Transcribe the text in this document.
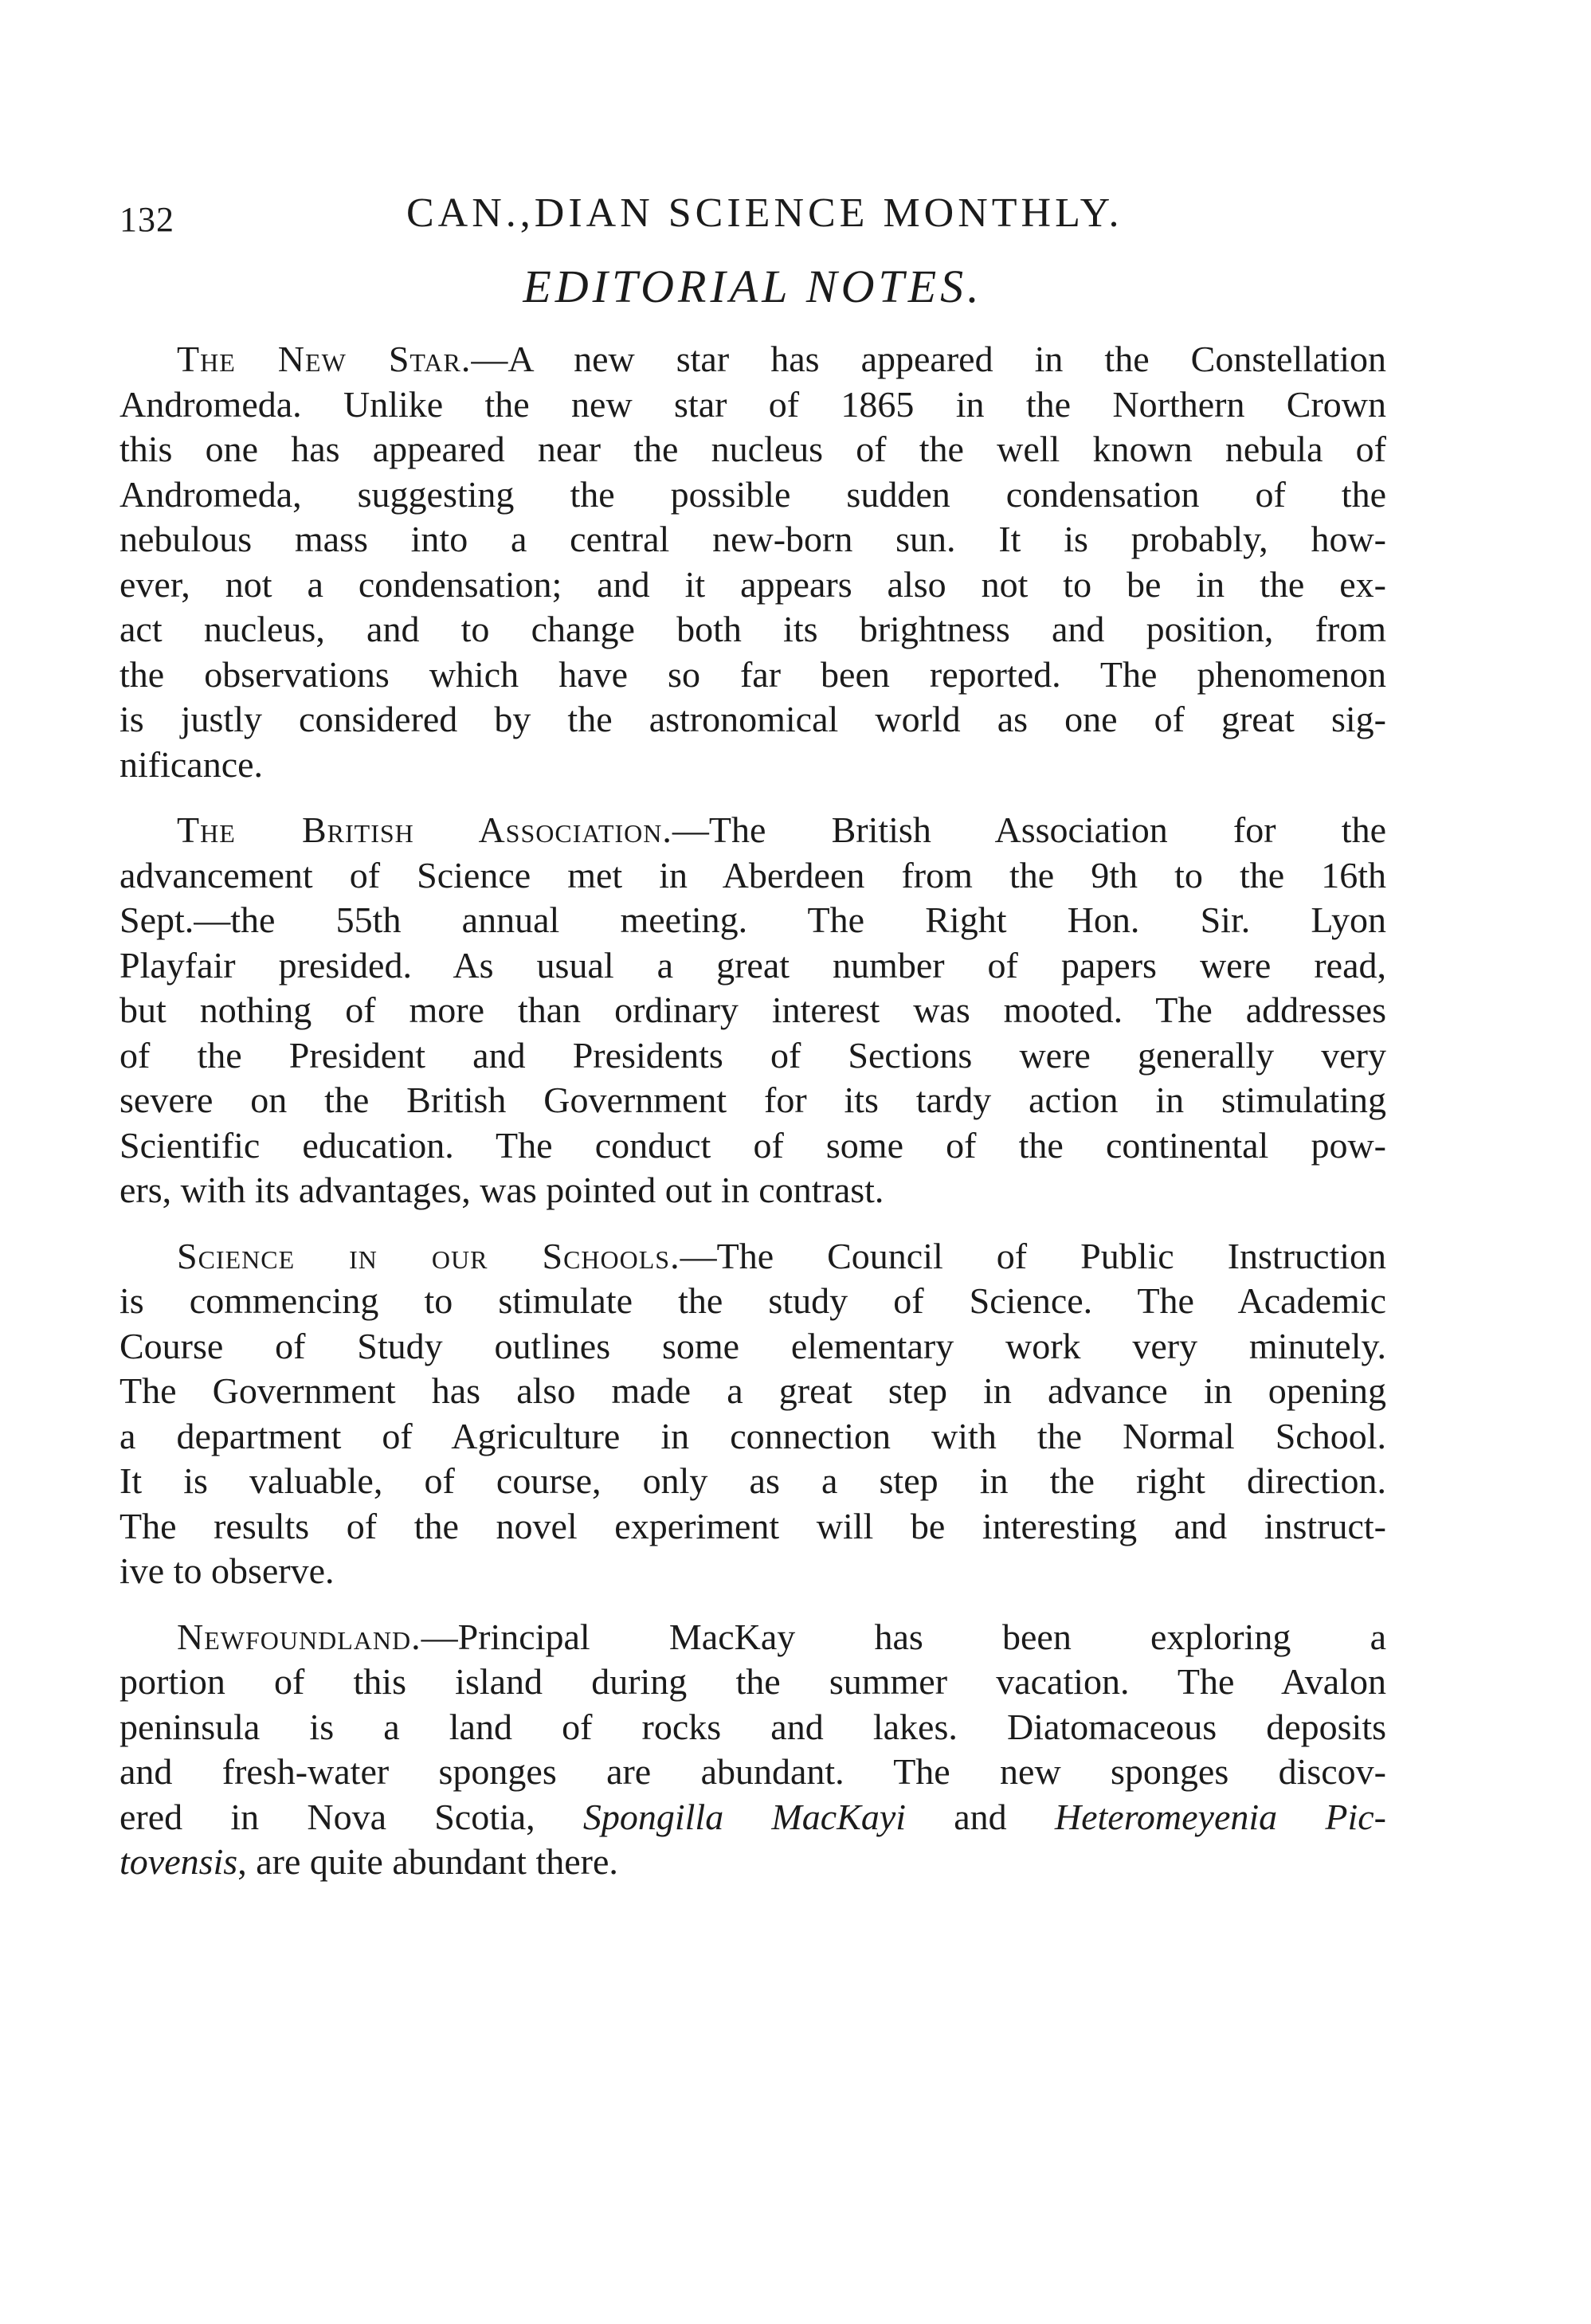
132	CAN.,DIAN SCIENCE MONTHLY.
EDITORIAL NOTES.
The New Star.—A new star has appeared in the Constellation
Andromeda. Unlike the new star of 1865 in the Northern Crown
this one has appeared near the nucleus of the well known nebula of
Andromeda, suggesting the possible sudden condensation of the
nebulous mass into a central new-born sun. It is probably, how-
ever, not a condensation; and it appears also not to be in the ex-
act nucleus, and to change both its brightness and position, from
the observations which have so far been reported. The phenomenon
is justly considered by the astronomical world as one of great sig-
nificance.
The British Association.—The British Association for the
advancement of Science met in Aberdeen from the 9th to the 16th
Sept.—the 55th annual meeting. The Right Hon. Sir. Lyon
Playfair presided. As usual a great number of papers were read,
but nothing of more than ordinary interest was mooted. The addresses
of the President and Presidents of Sections were generally very
severe on the British Government for its tardy action in stimulating
Scientific education. The conduct of some of the continental pow-
ers, with its advantages, was pointed out in contrast.
Science in our Schools.—The Council of Public Instruction
is commencing to stimulate the study of Science. The Academic
Course of Study outlines some elementary work very minutely.
The Government has also made a great step in advance in opening
a department of Agriculture in connection with the Normal School.
It is valuable, of course, only as a step in the right direction.
The results of the novel experiment will be interesting and instruct-
ive to observe.
Newfoundland.—Principal MacKay has been exploring a
portion of this island during the summer vacation. The Avalon
peninsula is a land of rocks and lakes. Diatomaceous deposits
and fresh-water sponges are abundant. The new sponges discov-
ered in Nova Scotia, Spongilla MacKayi and Heteromeyenia Pic-
tovensis, are quite abundant there.
